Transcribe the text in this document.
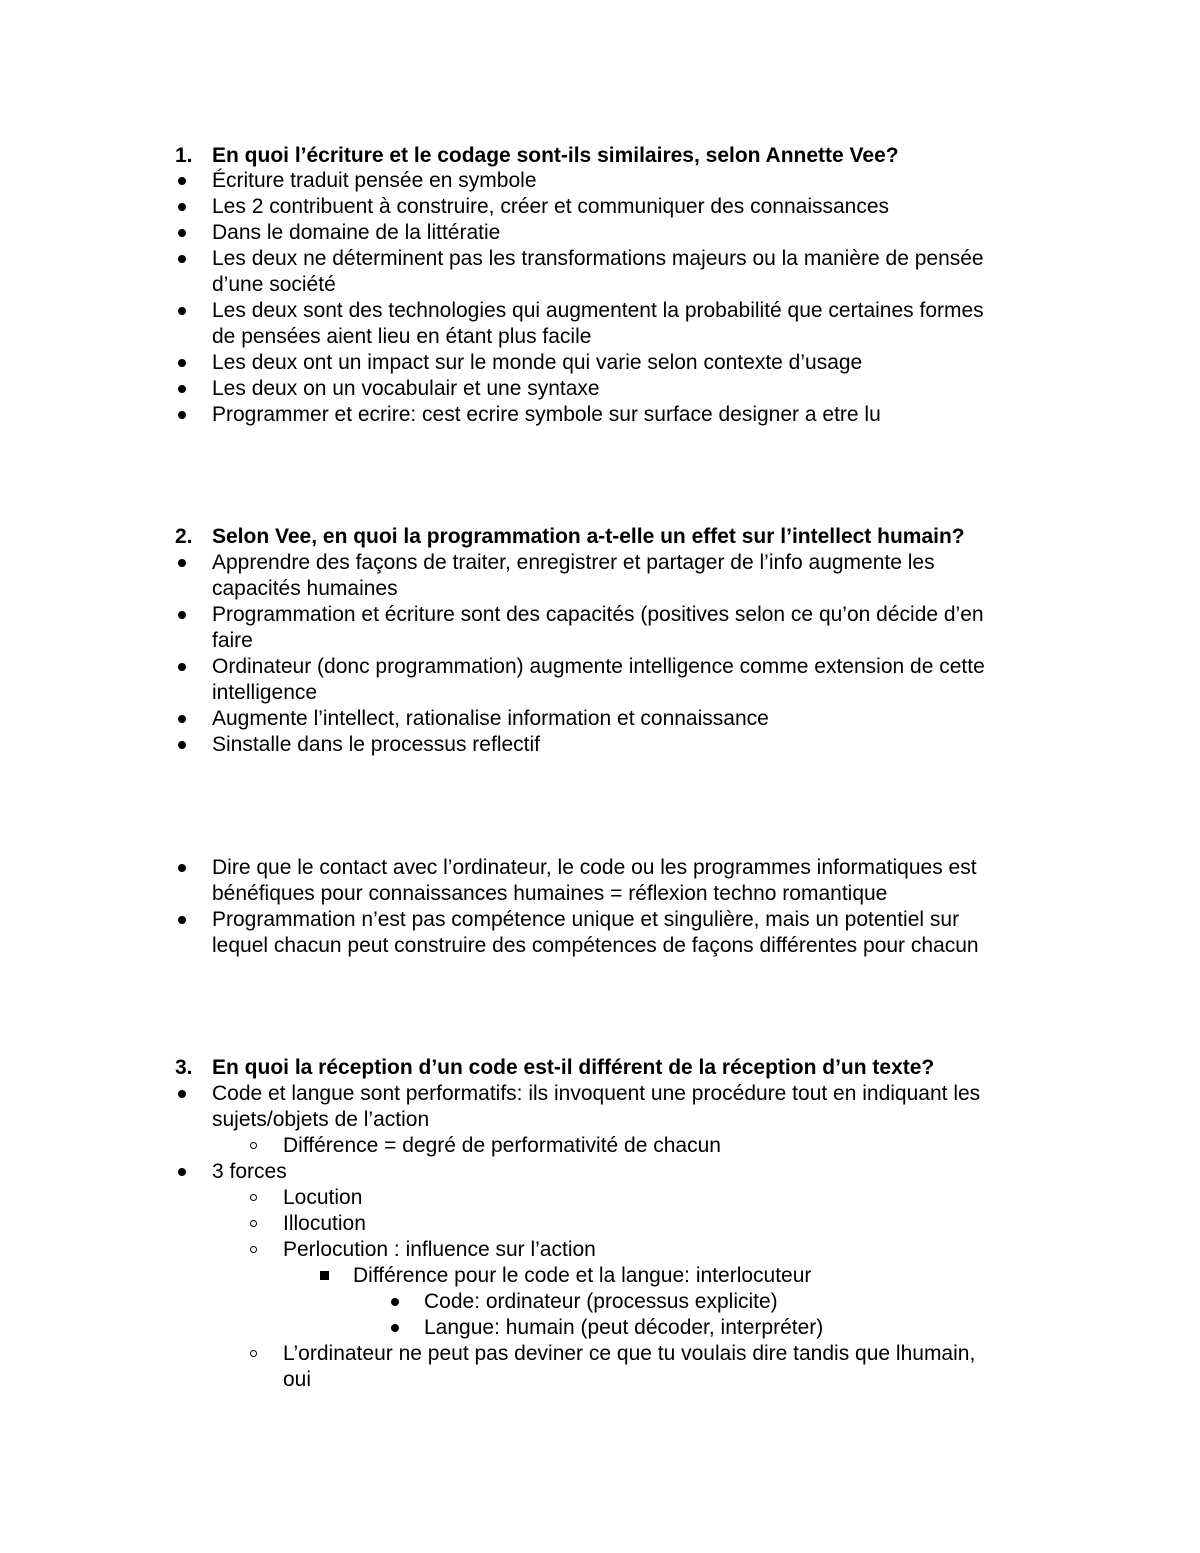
1. En quoi l’écriture et le codage sont-ils similaires, selon Annette Vee?
Écriture traduit pensée en symbole
Les 2 contribuent à construire, créer et communiquer des connaissances
Dans le domaine de la littératie
Les deux ne déterminent pas les transformations majeurs ou la manière de pensée
d’une société
Les deux sont des technologies qui augmentent la probabilité que certaines formes
de pensées aient lieu en étant plus facile
Les deux ont un impact sur le monde qui varie selon contexte d’usage
Les deux on un vocabulair et une syntaxe
Programmer et ecrire: cest ecrire symbole sur surface designer a etre lu
2. Selon Vee, en quoi la programmation a-t-elle un effet sur l’intellect humain?
Apprendre des façons de traiter, enregistrer et partager de l’info augmente les
capacités humaines
Programmation et écriture sont des capacités (positives selon ce qu’on décide d’en
faire
Ordinateur (donc programmation) augmente intelligence comme extension de cette
intelligence
Augmente l’intellect, rationalise information et connaissance
Sinstalle dans le processus reflectif
Dire que le contact avec l’ordinateur, le code ou les programmes informatiques est
bénéfiques pour connaissances humaines = réflexion techno romantique
Programmation n’est pas compétence unique et singulière, mais un potentiel sur
lequel chacun peut construire des compétences de façons différentes pour chacun
3. En quoi la réception d’un code est-il différent de la réception d’un texte?
Code et langue sont performatifs: ils invoquent une procédure tout en indiquant les
sujets/objets de l’action
Différence = degré de performativité de chacun
3 forces
Locution
Illocution
Perlocution : influence sur l’action
Différence pour le code et la langue: interlocuteur
Code: ordinateur (processus explicite)
Langue: humain (peut décoder, interpréter)
L’ordinateur ne peut pas deviner ce que tu voulais dire tandis que lhumain,
oui
